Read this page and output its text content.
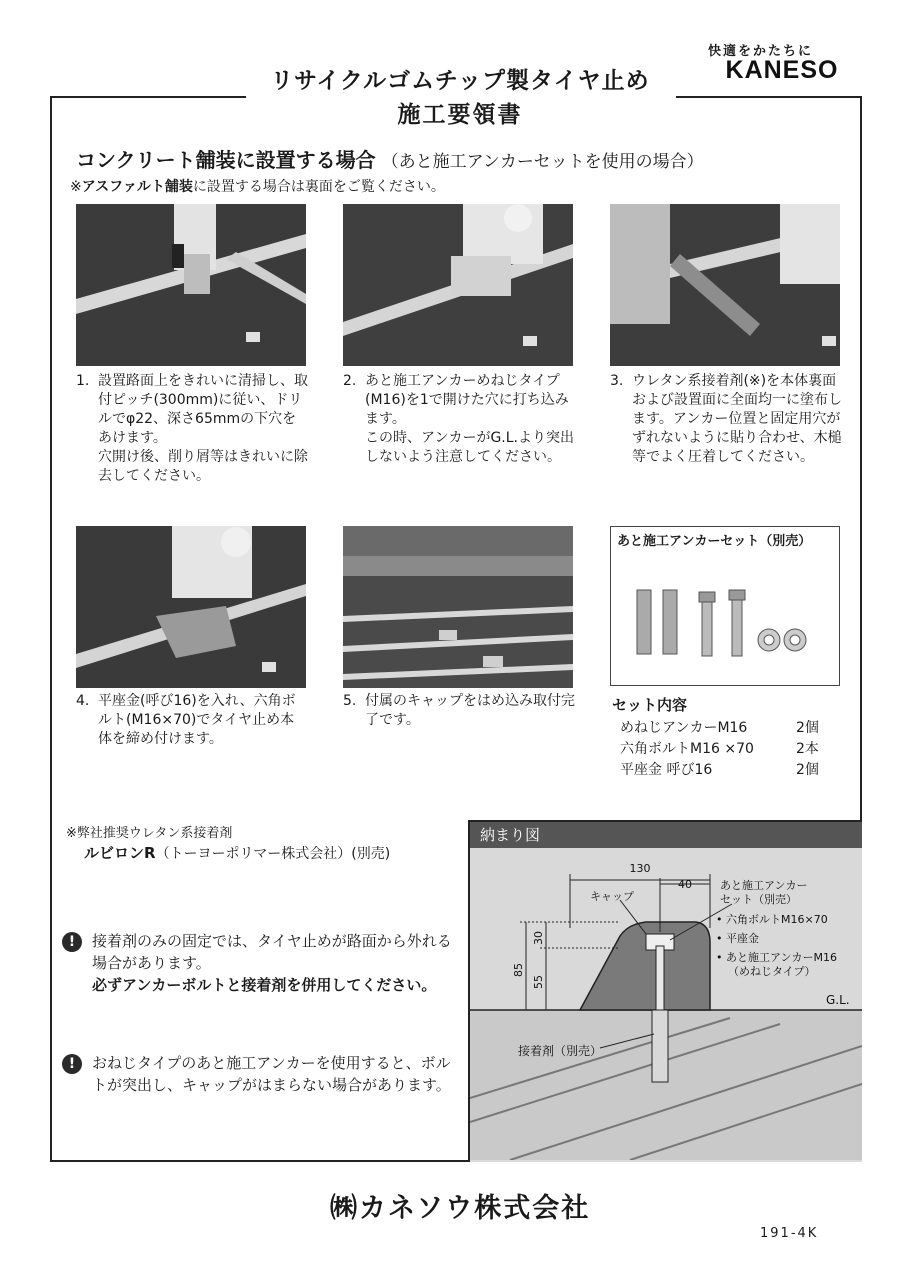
快適をかたちに
KANESO
リサイクルゴムチップ製タイヤ止め
施工要領書
コンクリート舗装に設置する場合 （あと施工アンカーセットを使用の場合）
※アスファルト舗装に設置する場合は裏面をご覧ください。
1. 設置路面上をきれいに清掃し、取付ピッチ(300mm)に従い、ドリルでφ22、深さ65mmの下穴をあけます。
穴開け後、削り屑等はきれいに除去してください。
2. あと施工アンカーめねじタイプ(M16)を1で開けた穴に打ち込みます。
この時、アンカーがG.L.より突出しないよう注意してください。
3. ウレタン系接着剤(※)を本体裏面および設置面に全面均一に塗布します。アンカー位置と固定用穴がずれないように貼り合わせ、木槌等でよく圧着してください。
4. 平座金(呼び16)を入れ、六角ボルト(M16×70)でタイヤ止め本体を締め付けます。
5. 付属のキャップをはめ込み取付完了です。
あと施工アンカーセット（別売）
セット内容
めねじアンカーM16	2個
六角ボルトM16 ×70	2本
平座金 呼び16	2個
※弊社推奨ウレタン系接着剤
ルビロンR（トーヨーポリマー株式会社）(別売)
!	接着剤のみの固定では、タイヤ止めが路面から外れる場合があります。
必ずアンカーボルトと接着剤を併用してください。
!	おねじタイプのあと施工アンカーを使用すると、ボルトが突出し、キャップがはまらない場合があります。
納まり図
130
40
85
30
55
キャップ
あと施工アンカー
セット（別売）
• 六角ボルトM16×70
• 平座金
• あと施工アンカーM16
（めねじタイプ）
G.L.
接着剤（別売）
㈱カネソウ株式会社
191-4K
